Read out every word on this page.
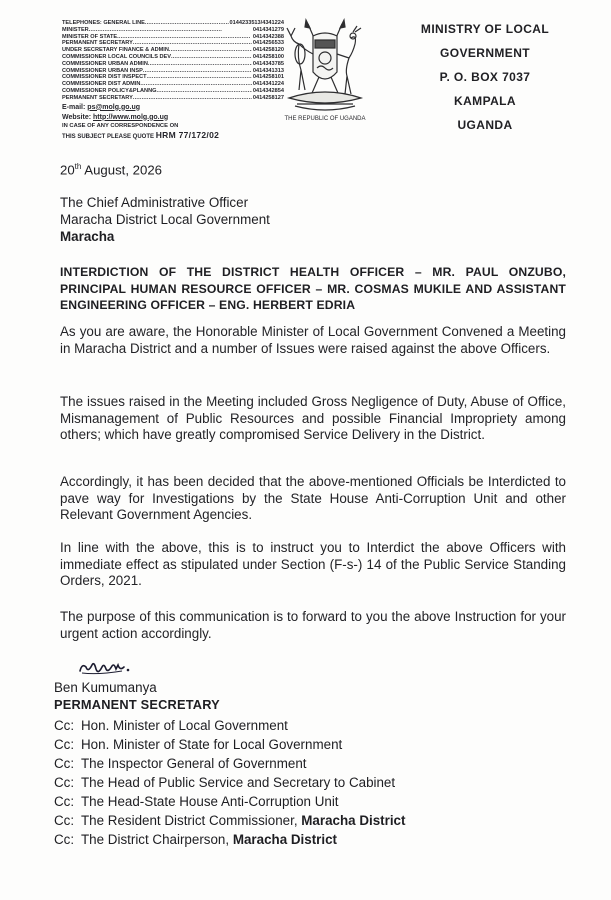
TELEPHONES: GENERAL LINE .....	0144233513/4341224
MINISTER .....	0414341279
MINISTER OF STATE .....	0414342388
PERMANENT SECRETARY .....	0414256533
UNDER SECRETARY FINANCE & ADMIN .....	0414258120
COMMISSIONER LOCAL COUNCILS DEV .....	0414258100
COMMISSIONER URBAN ADMIN .....	0414343785
COMMISSIONER URBAN INSP .....	0414341313
COMMISSIONER DIST INSPECT .....	0414258101
COMMISSIONER DIST ADMIN .....	0414341224
COMMISSIONER POLICY&PLANNG .....	0414342854
PERMANENT SECRETARY .....	0414258127
E-mail: ps@molg.go.ug
Website: http://www.molg.go.ug
IN CASE OF ANY CORRESPONDENCE ON
THIS SUBJECT PLEASE QUOTE HRM 77/172/02
THE REPUBLIC OF UGANDA
MINISTRY OF LOCAL GOVERNMENT
P. O. BOX 7037
KAMPALA
UGANDA
20th August, 2026
The Chief Administrative Officer
Maracha District Local Government
Maracha
INTERDICTION OF THE DISTRICT HEALTH OFFICER – MR. PAUL ONZUBO, PRINCIPAL HUMAN RESOURCE OFFICER – MR. COSMAS MUKILE AND ASSISTANT ENGINEERING OFFICER – ENG. HERBERT EDRIA
As you are aware, the Honorable Minister of Local Government Convened a Meeting in Maracha District and a number of Issues were raised against the above Officers.
The issues raised in the Meeting included Gross Negligence of Duty, Abuse of Office, Mismanagement of Public Resources and possible Financial Impropriety among others; which have greatly compromised Service Delivery in the District.
Accordingly, it has been decided that the above-mentioned Officials be Interdicted to pave way for Investigations by the State House Anti-Corruption Unit and other Relevant Government Agencies.
In line with the above, this is to instruct you to Interdict the above Officers with immediate effect as stipulated under Section (F-s-) 14 of the Public Service Standing Orders, 2021.
The purpose of this communication is to forward to you the above Instruction for your urgent action accordingly.
Ben Kumumanya
PERMANENT SECRETARY
Cc: Hon. Minister of Local Government
Cc: Hon. Minister of State for Local Government
Cc: The Inspector General of Government
Cc: The Head of Public Service and Secretary to Cabinet
Cc: The Head-State House Anti-Corruption Unit
Cc: The Resident District Commissioner, Maracha District
Cc: The District Chairperson, Maracha District
